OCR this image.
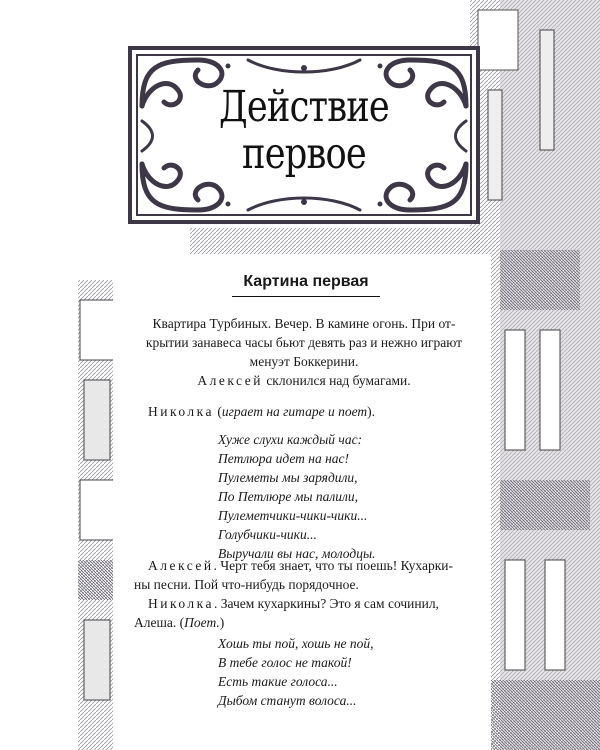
Действие
первое
Картина первая

Квартира Турбиных. Вечер. В камине огонь. При от-

крытии занавеса часы бьют девять раз и нежно играют

менуэт Боккерини.

Алексей склонился над бумагами.

Николка (играет на гитаре и поет).

Хуже слухи каждый час:
Петлюра идет на нас!
Пулеметы мы зарядили,
По Петлюре мы палили,
Пулеметчики-чики-чики...
Голубчики-чики...
Выручали вы нас, молодцы.

Алексей. Черт тебя знает, что ты поешь! Кухарки-

ны песни. Пой что-нибудь порядочное.

Николка. Зачем кухаркины? Это я сам сочинил,

Алеша. (Поет.)

Хошь ты пой, хошь не пой,
В тебе голос не такой!
Есть такие голоса...
Дыбом станут волоса...
